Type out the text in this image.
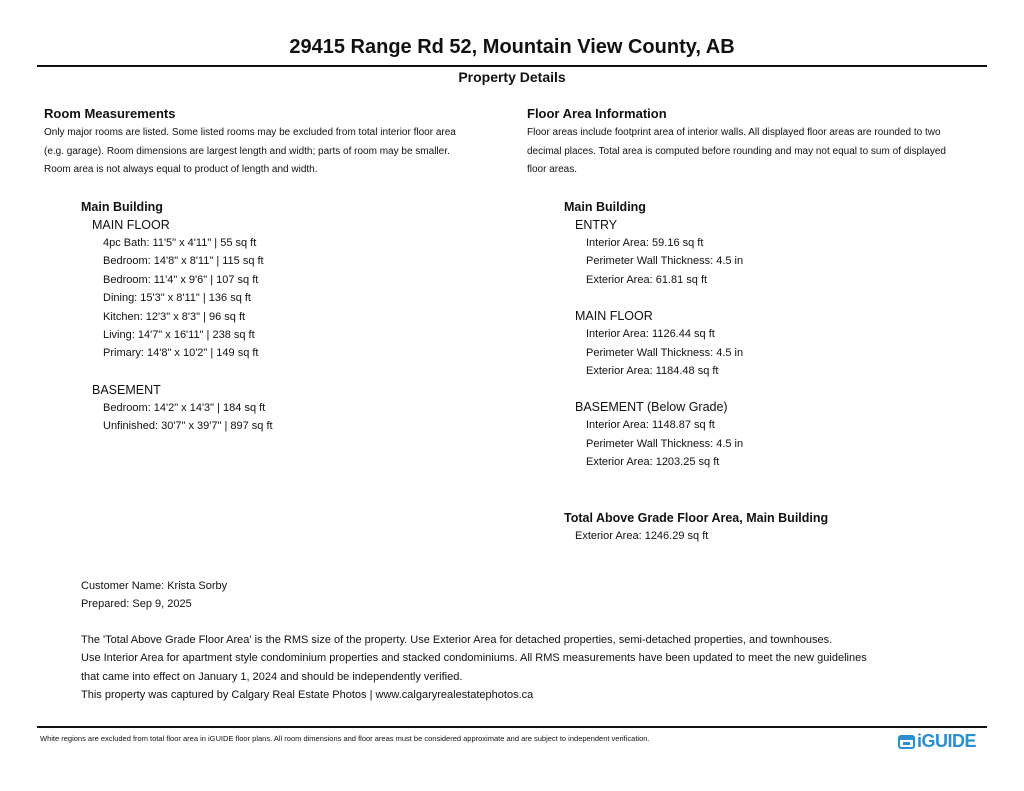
29415 Range Rd 52, Mountain View County, AB
Property Details
Room Measurements
Only major rooms are listed. Some listed rooms may be excluded from total interior floor area
(e.g. garage). Room dimensions are largest length and width; parts of room may be smaller.
Room area is not always equal to product of length and width.
Main Building
MAIN FLOOR
4pc Bath: 11'5" x 4'11" | 55 sq ft
Bedroom: 14'8" x 8'11" | 115 sq ft
Bedroom: 11'4" x 9'6" | 107 sq ft
Dining: 15'3" x 8'11" | 136 sq ft
Kitchen: 12'3" x 8'3" | 96 sq ft
Living: 14'7" x 16'11" | 238 sq ft
Primary: 14'8" x 10'2" | 149 sq ft
BASEMENT
Bedroom: 14'2" x 14'3" | 184 sq ft
Unfinished: 30'7" x 39'7" | 897 sq ft
Floor Area Information
Floor areas include footprint area of interior walls. All displayed floor areas are rounded to two
decimal places. Total area is computed before rounding and may not equal to sum of displayed
floor areas.
Main Building
ENTRY
Interior Area: 59.16 sq ft
Perimeter Wall Thickness: 4.5 in
Exterior Area: 61.81 sq ft
MAIN FLOOR
Interior Area: 1126.44 sq ft
Perimeter Wall Thickness: 4.5 in
Exterior Area: 1184.48 sq ft
BASEMENT (Below Grade)
Interior Area: 1148.87 sq ft
Perimeter Wall Thickness: 4.5 in
Exterior Area: 1203.25 sq ft
Total Above Grade Floor Area, Main Building
Exterior Area: 1246.29 sq ft
Customer Name: Krista Sorby
Prepared: Sep 9, 2025
The 'Total Above Grade Floor Area' is the RMS size of the property. Use Exterior Area for detached properties, semi-detached properties, and townhouses.
Use Interior Area for apartment style condominium properties and stacked condominiums. All RMS measurements have been updated to meet the new guidelines
that came into effect on January 1, 2024 and should be independently verified.
This property was captured by Calgary Real Estate Photos | www.calgaryrealestatephotos.ca
White regions are excluded from total floor area in iGUIDE floor plans. All room dimensions and floor areas must be considered approximate and are subject to independent verification.	iGUIDE
